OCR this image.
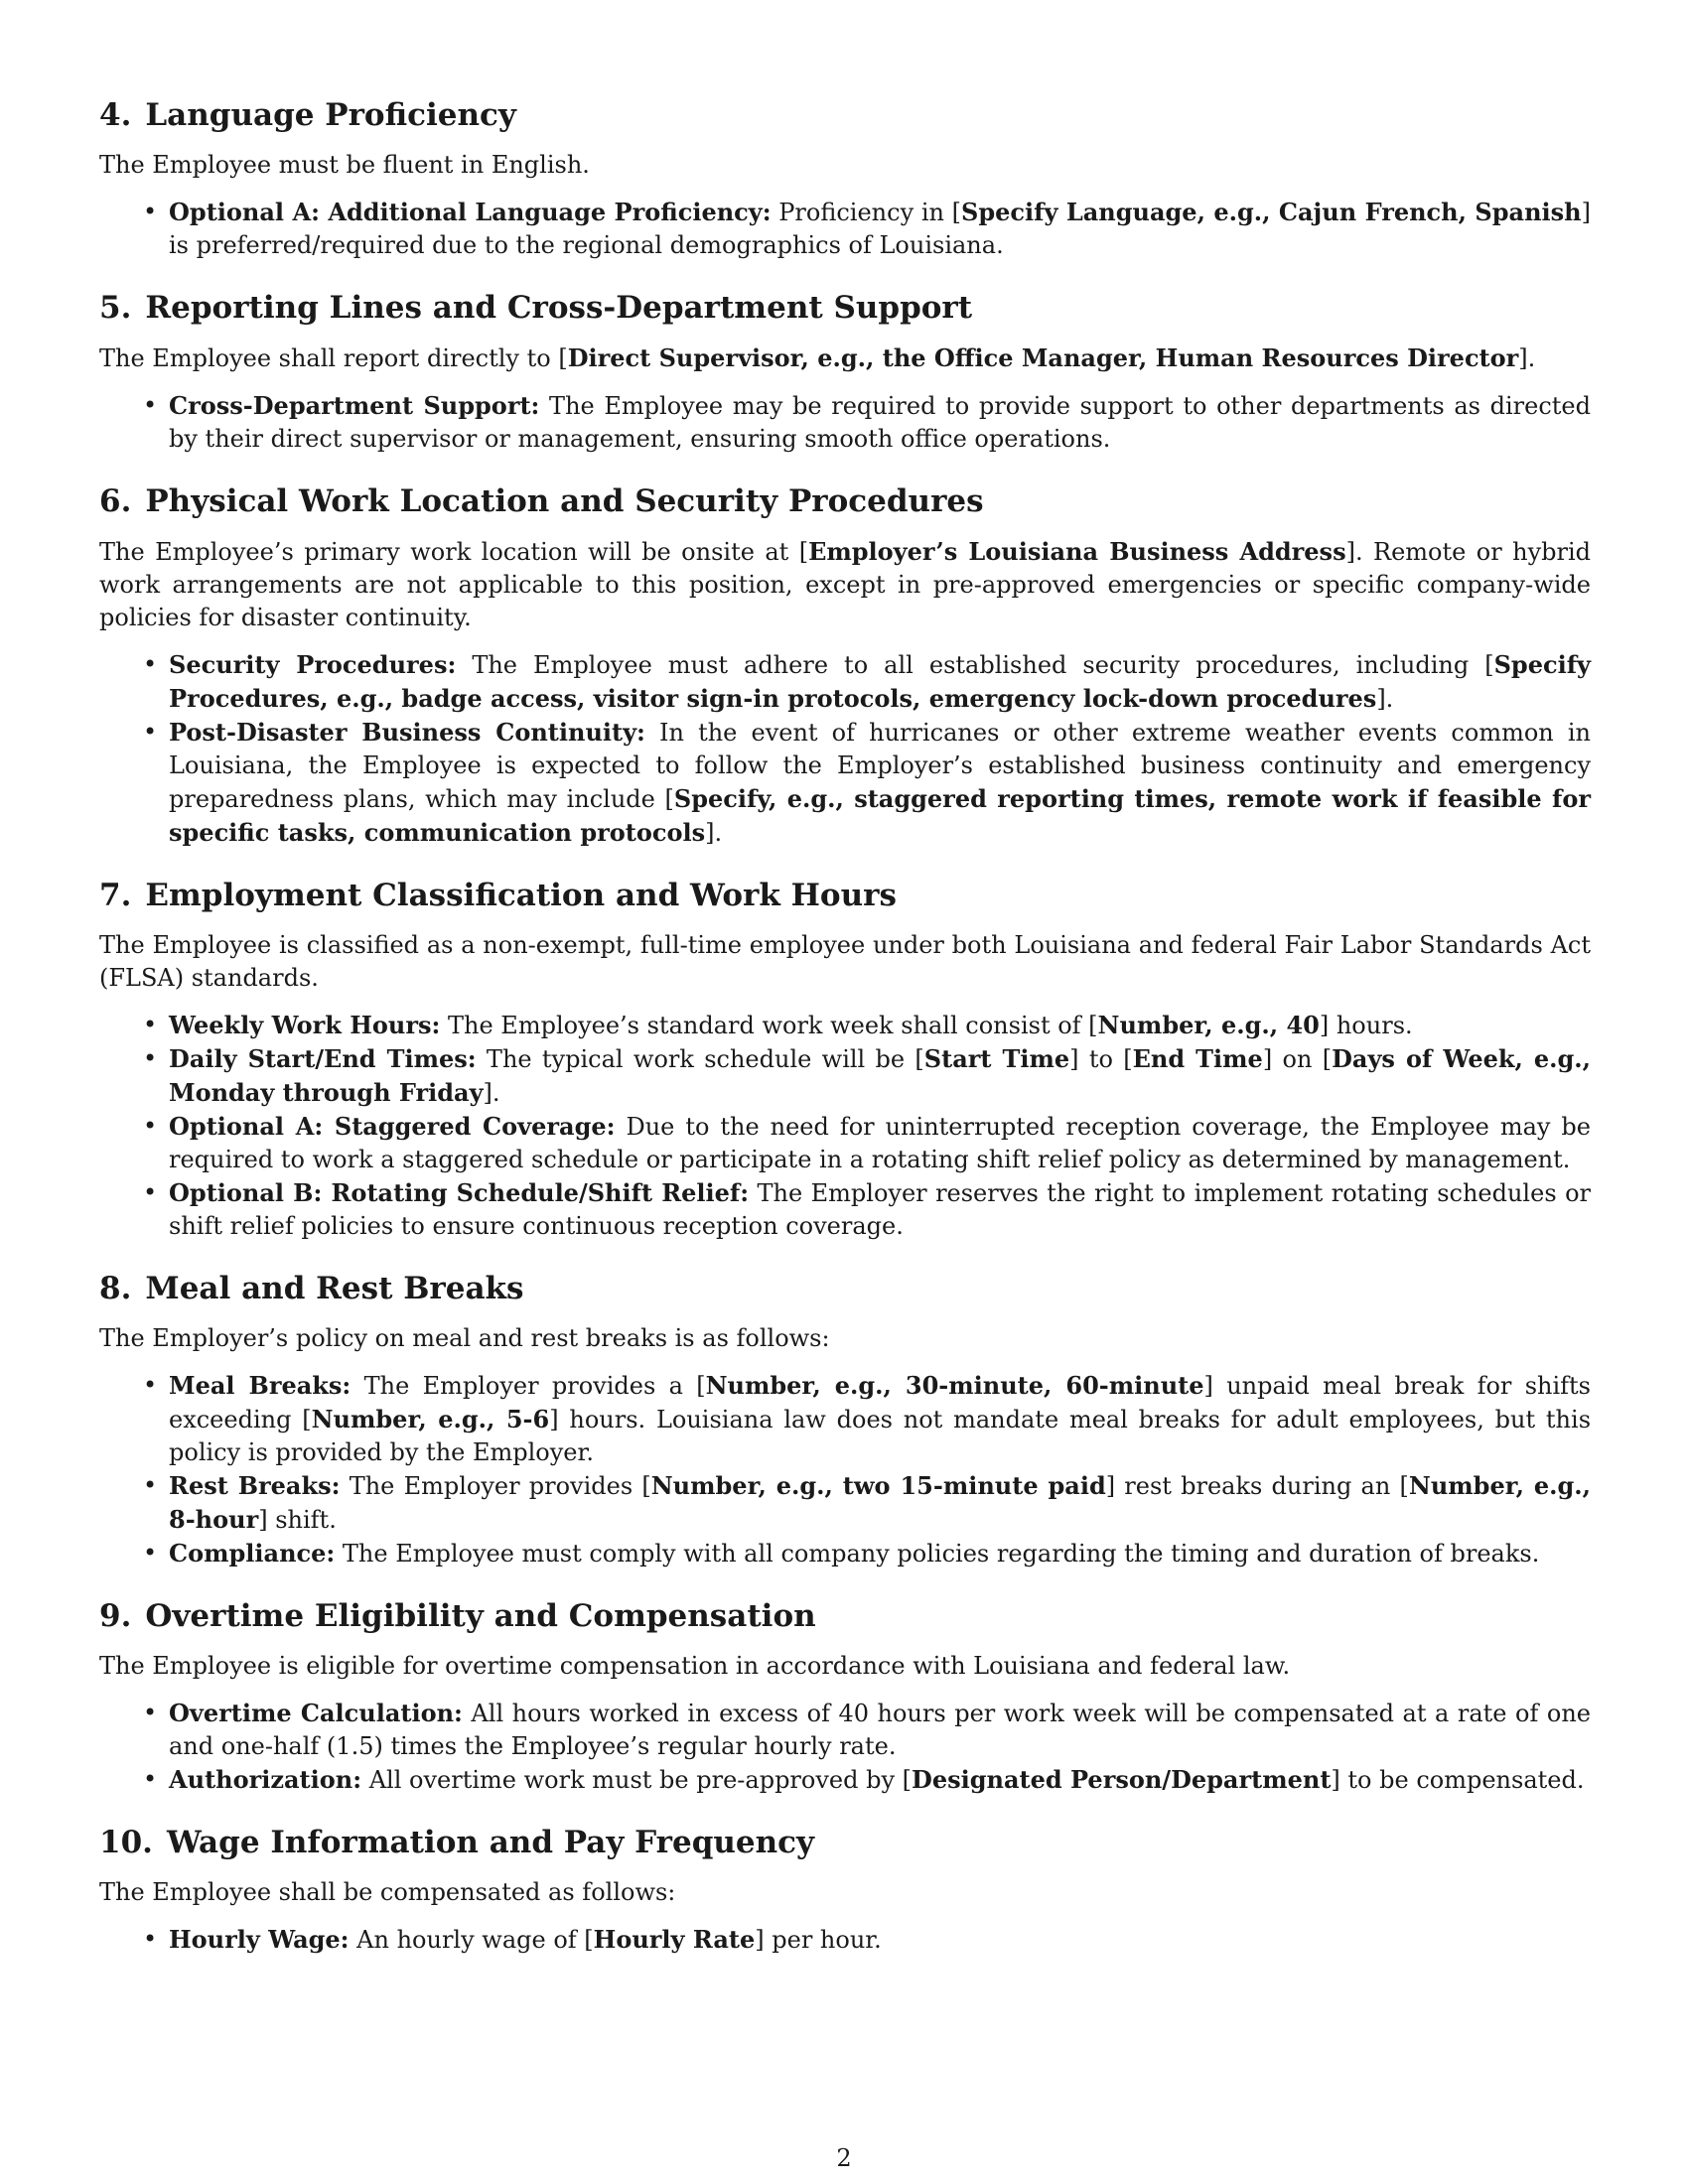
4. Language Proficiency

The Employee must be fluent in English.

• Optional A: Additional Language Proficiency: Proficiency in [Specify Language, e.g., Cajun French, Spanish] is preferred/required due to the regional demographics of Louisiana.
5. Reporting Lines and Cross-Department Support

The Employee shall report directly to [Direct Supervisor, e.g., the Office Manager, Human Resources Director].

• Cross-Department Support: The Employee may be required to provide support to other departments as directed by their direct supervisor or management, ensuring smooth office operations.
6. Physical Work Location and Security Procedures

The Employee’s primary work location will be onsite at [Employer’s Louisiana Business Address]. Remote or hybrid work arrangements are not applicable to this position, except in pre-approved emergencies or specific company-wide policies for disaster continuity.

• Security Procedures: The Employee must adhere to all established security procedures, including [Specify Procedures, e.g., badge access, visitor sign-in protocols, emergency lock-down procedures].
• Post-Disaster Business Continuity: In the event of hurricanes or other extreme weather events common in Louisiana, the Employee is expected to follow the Employer’s established business continuity and emergency preparedness plans, which may include [Specify, e.g., staggered reporting times, remote work if feasible for specific tasks, communication protocols].
7. Employment Classification and Work Hours

The Employee is classified as a non-exempt, full-time employee under both Louisiana and federal Fair Labor Standards Act (FLSA) standards.

• Weekly Work Hours: The Employee’s standard work week shall consist of [Number, e.g., 40] hours.
• Daily Start/End Times: The typical work schedule will be [Start Time] to [End Time] on [Days of Week, e.g., Monday through Friday].
• Optional A: Staggered Coverage: Due to the need for uninterrupted reception coverage, the Employee may be required to work a staggered schedule or participate in a rotating shift relief policy as determined by management.
• Optional B: Rotating Schedule/Shift Relief: The Employer reserves the right to implement rotating schedules or shift relief policies to ensure continuous reception coverage.
8. Meal and Rest Breaks

The Employer’s policy on meal and rest breaks is as follows:

• Meal Breaks: The Employer provides a [Number, e.g., 30-minute, 60-minute] unpaid meal break for shifts exceeding [Number, e.g., 5-6] hours. Louisiana law does not mandate meal breaks for adult employees, but this policy is provided by the Employer.
• Rest Breaks: The Employer provides [Number, e.g., two 15-minute paid] rest breaks during an [Number, e.g., 8-hour] shift.
• Compliance: The Employee must comply with all company policies regarding the timing and duration of breaks.
9. Overtime Eligibility and Compensation

The Employee is eligible for overtime compensation in accordance with Louisiana and federal law.

• Overtime Calculation: All hours worked in excess of 40 hours per work week will be compensated at a rate of one and one-half (1.5) times the Employee’s regular hourly rate.
• Authorization: All overtime work must be pre-approved by [Designated Person/Department] to be compensated.
10. Wage Information and Pay Frequency

The Employee shall be compensated as follows:

• Hourly Wage: An hourly wage of [Hourly Rate] per hour.
2
